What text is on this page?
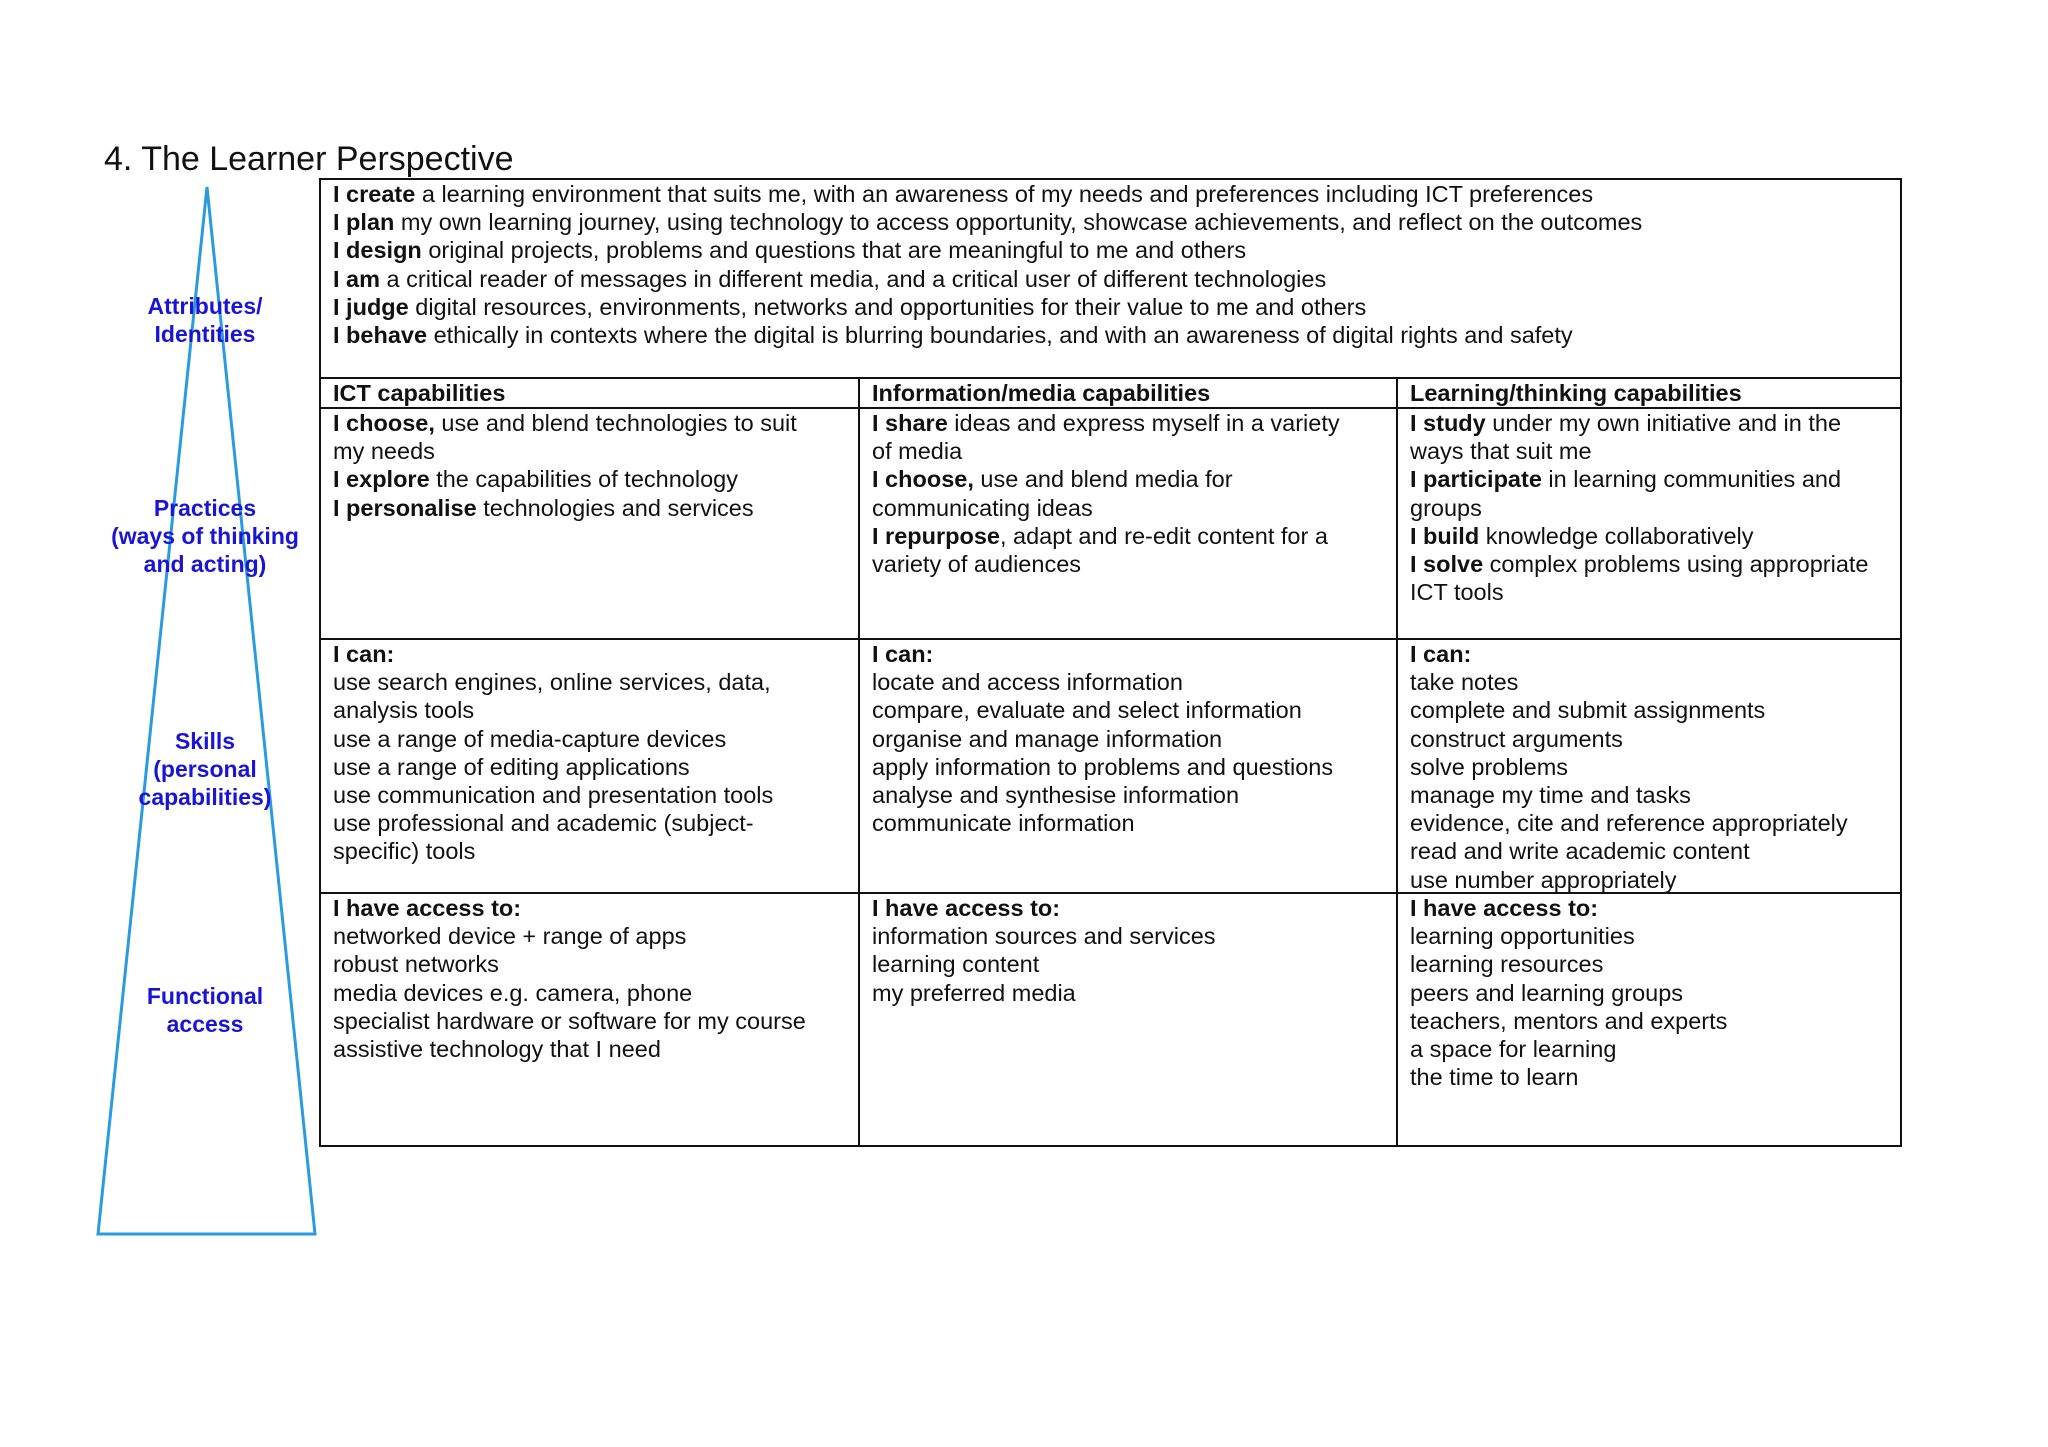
4. The Learner Perspective
Attributes/
Identities
Practices
(ways of thinking
and acting)
Skills
(personal
capabilities)
Functional
access
I create a learning environment that suits me, with an awareness of my needs and preferences including ICT preferences
I plan my own learning journey, using technology to access opportunity, showcase achievements, and reflect on the outcomes
I design original projects, problems and questions that are meaningful to me and others
I am a critical reader of messages in different media, and a critical user of different technologies
I judge digital resources, environments, networks and opportunities for their value to me and others
I behave ethically in contexts where the digital is blurring boundaries, and with an awareness of digital rights and safety
ICT capabilities	Information/media capabilities	Learning/thinking capabilities
I choose, use and blend technologies to suit
my needs
I explore the capabilities of technology
I personalise technologies and services
I share ideas and express myself in a variety
of media
I choose, use and blend media for
communicating ideas
I repurpose, adapt and re-edit content for a
variety of audiences
I study under my own initiative and in the
ways that suit me
I participate in learning communities and
groups
I build knowledge collaboratively
I solve complex problems using appropriate
ICT tools
I can:
use search engines, online services, data,
analysis tools
use a range of media-capture devices
use a range of editing applications
use communication and presentation tools
use professional and academic (subject-
specific) tools
I can:
locate and access information
compare, evaluate and select information
organise and manage information
apply information to problems and questions
analyse and synthesise information
communicate information
I can:
take notes
complete and submit assignments
construct arguments
solve problems
manage my time and tasks
evidence, cite and reference appropriately
read and write academic content
use number appropriately
I have access to:
networked device + range of apps
robust networks
media devices e.g. camera, phone
specialist hardware or software for my course
assistive technology that I need
I have access to:
information sources and services
learning content
my preferred media
I have access to:
learning opportunities
learning resources
peers and learning groups
teachers, mentors and experts
a space for learning
the time to learn
